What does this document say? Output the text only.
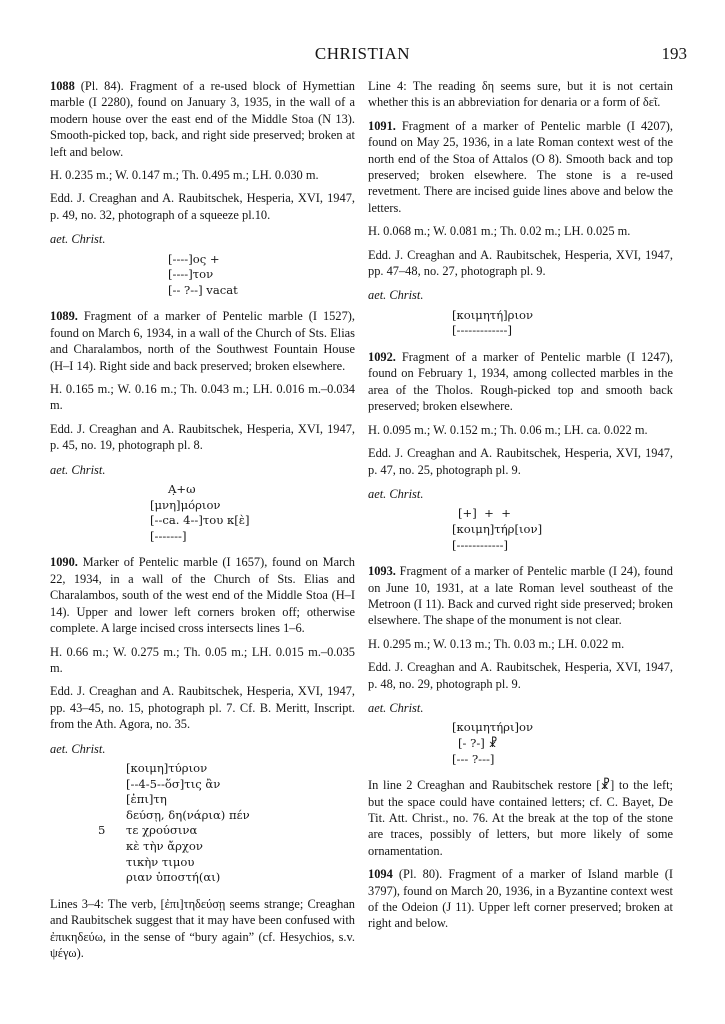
CHRISTIAN	193

1088 (Pl. 84). Fragment of a re-used block of Hymettian marble (I 2280), found on January 3, 1935, in the wall of a modern house over the east end of the Middle Stoa (N 13). Smooth-picked top, back, and right side preserved; broken at left and below.

H. 0.235 m.; W. 0.147 m.; Th. 0.495 m.; LH. 0.030 m.

Edd. J. Creaghan and A. Raubitschek, Hesperia, XVI, 1947, p. 49, no. 32, photograph of a squeeze pl.10.

aet. Christ.
[----]ος +
[----]τον
[-- ?--] vacat

1089. Fragment of a marker of Pentelic marble (I 1527), found on March 6, 1934, in a wall of the Church of Sts. Elias and Charalambos, north of the Southwest Fountain House (H–I 14). Right side and back preserved; broken elsewhere.

H. 0.165 m.; W. 0.16 m.; Th. 0.043 m.; LH. 0.016 m.–0.034 m.

Edd. J. Creaghan and A. Raubitschek, Hesperia, XVI, 1947, p. 45, no. 19, photograph pl. 8.

aet. Christ.
Α̣+ω
[μνη]μόριον
[--ca. 4--]του κ[ὲ]
[-------]

1090. Marker of Pentelic marble (I 1657), found on March 22, 1934, in a wall of the Church of Sts. Elias and Charalambos, south of the west end of the Middle Stoa (H–I 14). Upper and lower left corners broken off; otherwise complete. A large incised cross intersects lines 1–6.

H. 0.66 m.; W. 0.275 m.; Th. 0.05 m.; LH. 0.015 m.–0.035 m.

Edd. J. Creaghan and A. Raubitschek, Hesperia, XVI, 1947, pp. 43–45, no. 15, photograph pl. 7. Cf. B. Meritt, Inscript. from the Ath. Agora, no. 35.

aet. Christ.
[κοιμη]τύριον
[--4-5--ὅσ]τις ἂν
[ἐπι]τη
δεύσῃ, δη(νάρια) πέν
5 τε χρούσινα
κὲ τὴν ἄρχον
τικὴν τιμου
ριαν ὑποστή(αι)

Lines 3–4: The verb, [ἐπι]τηδεύσῃ seems strange; Creaghan and Raubitschek suggest that it may have been confused with ἐπικηδεύω, in the sense of “bury again” (cf. Hesychios, s.v. ψέγω).

Line 4: The reading δη seems sure, but it is not certain whether this is an abbreviation for denaria or a form of δεῖ.

1091. Fragment of a marker of Pentelic marble (I 4207), found on May 25, 1936, in a late Roman context west of the north end of the Stoa of Attalos (O 8). Smooth back and top preserved; broken elsewhere. The stone is a re-used revetment. There are incised guide lines above and below the letters.

H. 0.068 m.; W. 0.081 m.; Th. 0.02 m.; LH. 0.025 m.

Edd. J. Creaghan and A. Raubitschek, Hesperia, XVI, 1947, pp. 47–48, no. 27, photograph pl. 9.

aet. Christ.
[κοιμητή]ριον
[-------------]

1092. Fragment of a marker of Pentelic marble (I 1247), found on February 1, 1934, among collected marbles in the area of the Tholos. Rough-picked top and smooth back preserved; broken elsewhere.

H. 0.095 m.; W. 0.152 m.; Th. 0.06 m.; LH. ca. 0.022 m.

Edd. J. Creaghan and A. Raubitschek, Hesperia, XVI, 1947, p. 47, no. 25, photograph pl. 9.

aet. Christ.
[+]  +  +
[κοιμη]τήρ[ιον]
[------------]

1093. Fragment of a marker of Pentelic marble (I 24), found on June 10, 1931, at a late Roman level southeast of the Metroon (I 11). Back and curved right side preserved; broken elsewhere. The shape of the monument is not clear.

H. 0.295 m.; W. 0.13 m.; Th. 0.03 m.; LH. 0.022 m.

Edd. J. Creaghan and A. Raubitschek, Hesperia, XVI, 1947, p. 48, no. 29, photograph pl. 9.

aet. Christ.
[κοιμητήρι]ον
[- ?-] ☧
[--- ?---]

In line 2 Creaghan and Raubitschek restore [☧] to the left; but the space could have contained letters; cf. C. Bayet, De Tit. Att. Christ., no. 76. At the break at the top of the stone are traces, possibly of letters, but more likely of some ornamentation.

1094 (Pl. 80). Fragment of a marker of Island marble (I 3797), found on March 20, 1936, in a Byzantine context west of the Odeion (J 11). Upper left corner preserved; broken at right and below.
